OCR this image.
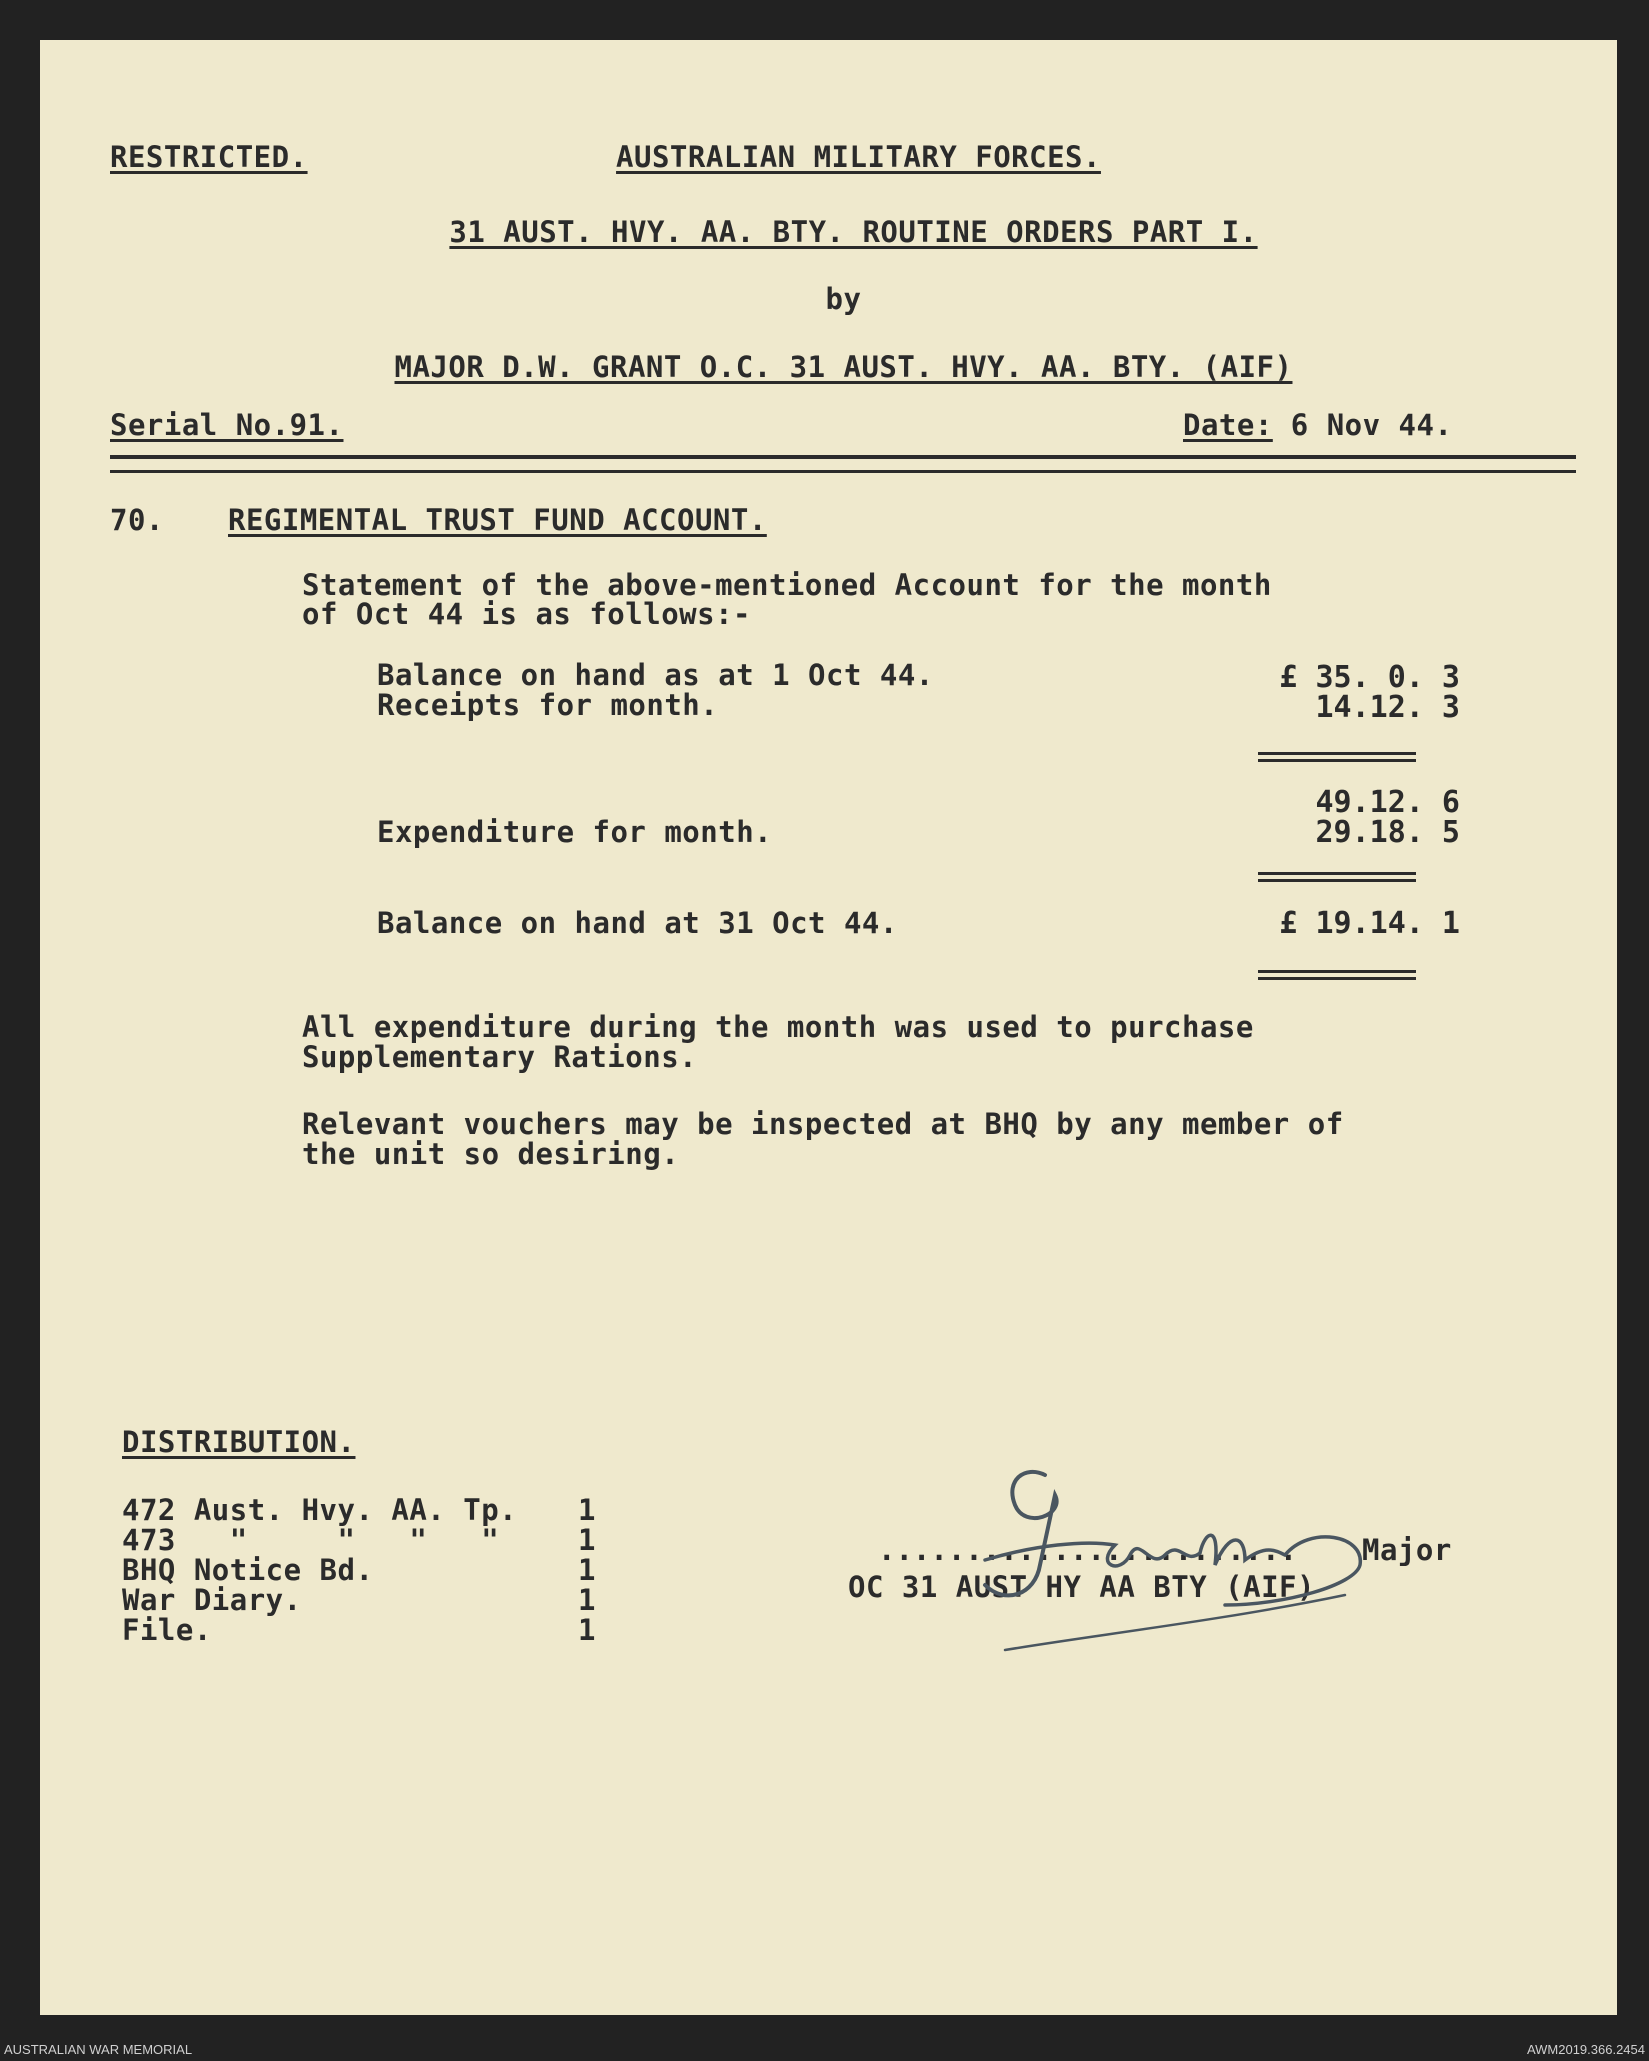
RESTRICTED.	AUSTRALIAN MILITARY FORCES.
31 AUST. HVY. AA. BTY. ROUTINE ORDERS PART I.
by
MAJOR D.W. GRANT O.C. 31 AUST. HVY. AA. BTY. (AIF)
Serial No.91.	Date: 6 Nov 44.
70. REGIMENTAL TRUST FUND ACCOUNT.
Statement of the above-mentioned Account for the month
of Oct 44 is as follows:-
Balance on hand as at 1 Oct 44.	£ 35. 0. 3
Receipts for month.	14.12. 3
49.12. 6
Expenditure for month.	29.18. 5
Balance on hand at 31 Oct 44.	£ 19.14. 1
All expenditure during the month was used to purchase
Supplementary Rations.
Relevant vouchers may be inspected at BHQ by any member of
the unit so desiring.
DISTRIBUTION.
472 Aust. Hvy. AA. Tp. 1
473   "     "   "   "	1
BHQ Notice Bd.	1
War Diary.	1
File.	1
........................ Major
OC 31 AUST HY AA BTY (AIF)
AUSTRALIAN WAR MEMORIAL	AWM2019.366.2454
